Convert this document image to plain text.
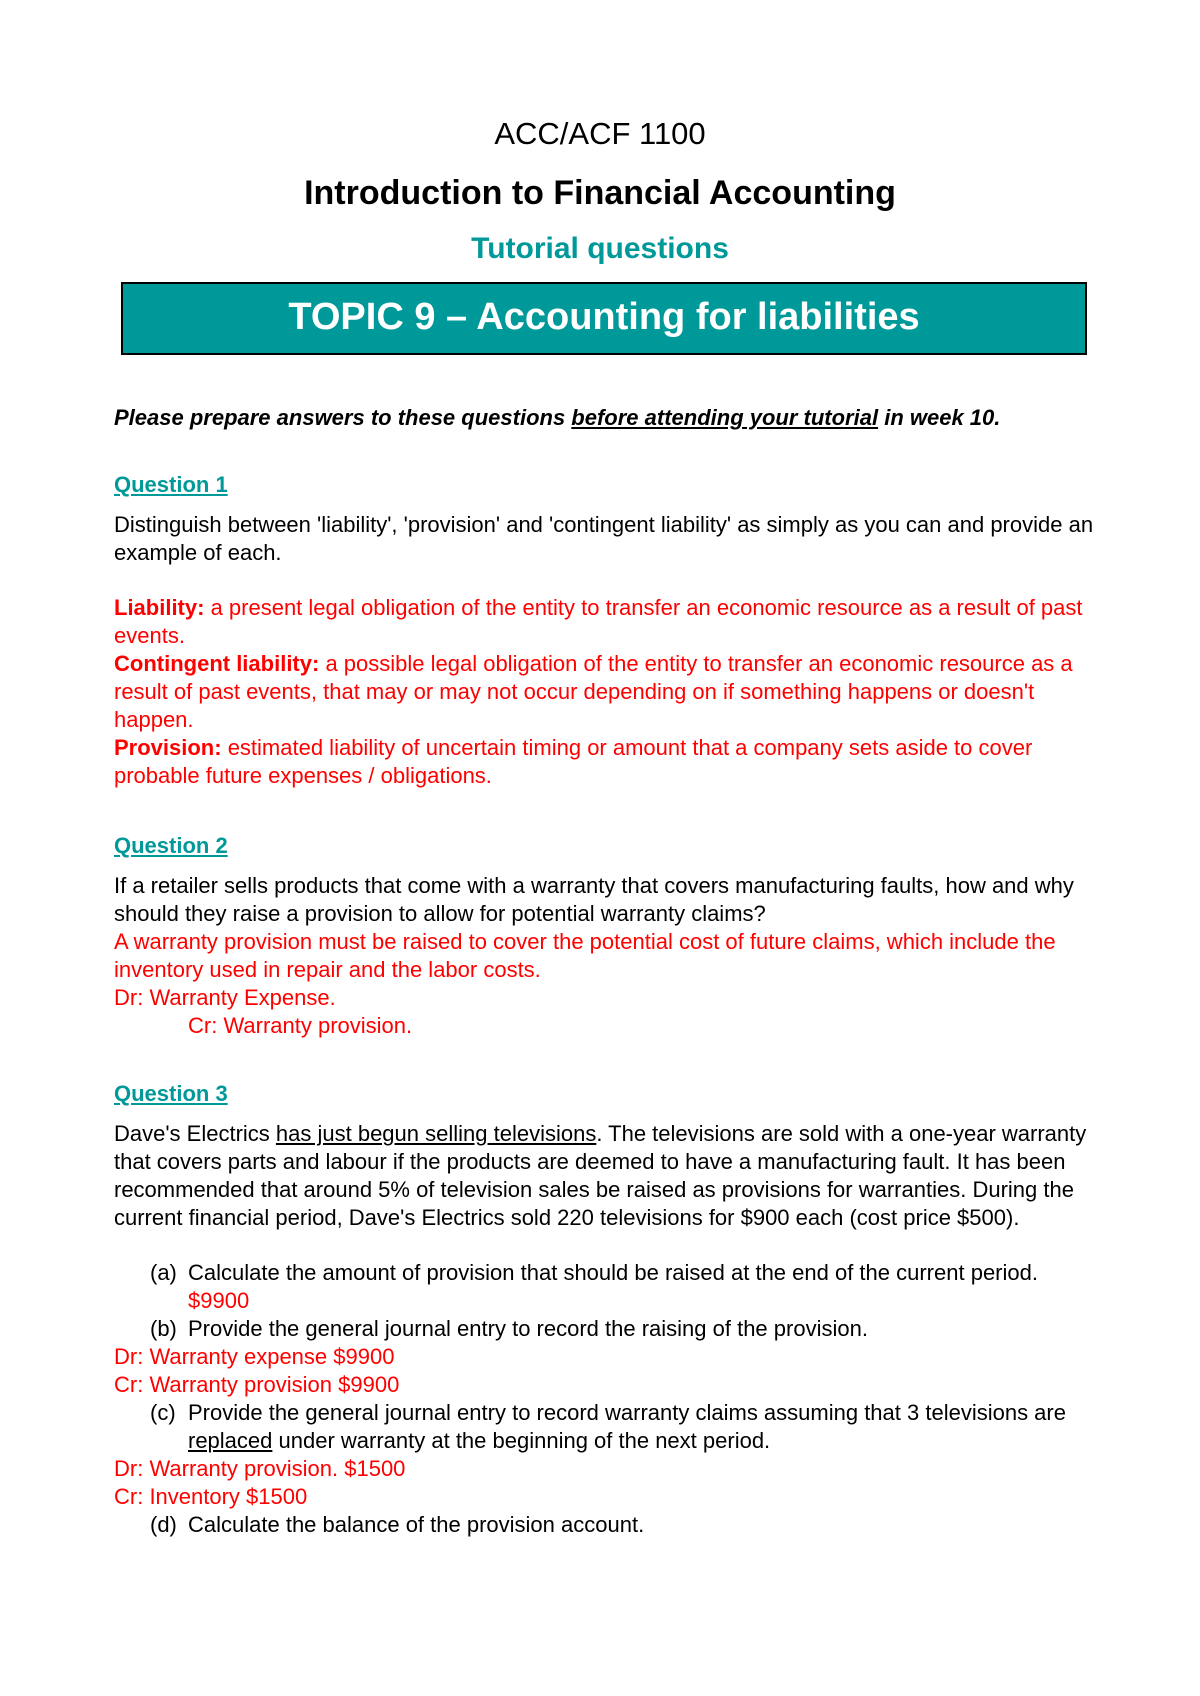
ACC/ACF 1100
Introduction to Financial Accounting
Tutorial questions
TOPIC 9 – Accounting for liabilities

Please prepare answers to these questions before attending your tutorial in week 10.

Question 1

Distinguish between 'liability', 'provision' and 'contingent liability' as simply as you can and provide an example of each.

Liability: a present legal obligation of the entity to transfer an economic resource as a result of past events.

Contingent liability: a possible legal obligation of the entity to transfer an economic resource as a result of past events, that may or may not occur depending on if something happens or doesn't happen.

Provision: estimated liability of uncertain timing or amount that a company sets aside to cover probable future expenses / obligations.

Question 2

If a retailer sells products that come with a warranty that covers manufacturing faults, how and why should they raise a provision to allow for potential warranty claims?

A warranty provision must be raised to cover the potential cost of future claims, which include the inventory used in repair and the labor costs.

Dr: Warranty Expense.

Cr: Warranty provision.

Question 3

Dave's Electrics has just begun selling televisions. The televisions are sold with a one-year warranty that covers parts and labour if the products are deemed to have a manufacturing fault. It has been recommended that around 5% of television sales be raised as provisions for warranties. During the current financial period, Dave's Electrics sold 220 televisions for $900 each (cost price $500).

(a) Calculate the amount of provision that should be raised at the end of the current period.

$9900

(b) Provide the general journal entry to record the raising of the provision.

Dr: Warranty expense $9900

Cr: Warranty provision $9900

(c) Provide the general journal entry to record warranty claims assuming that 3 televisions are replaced under warranty at the beginning of the next period.

Dr: Warranty provision. $1500

Cr: Inventory $1500

(d) Calculate the balance of the provision account.
